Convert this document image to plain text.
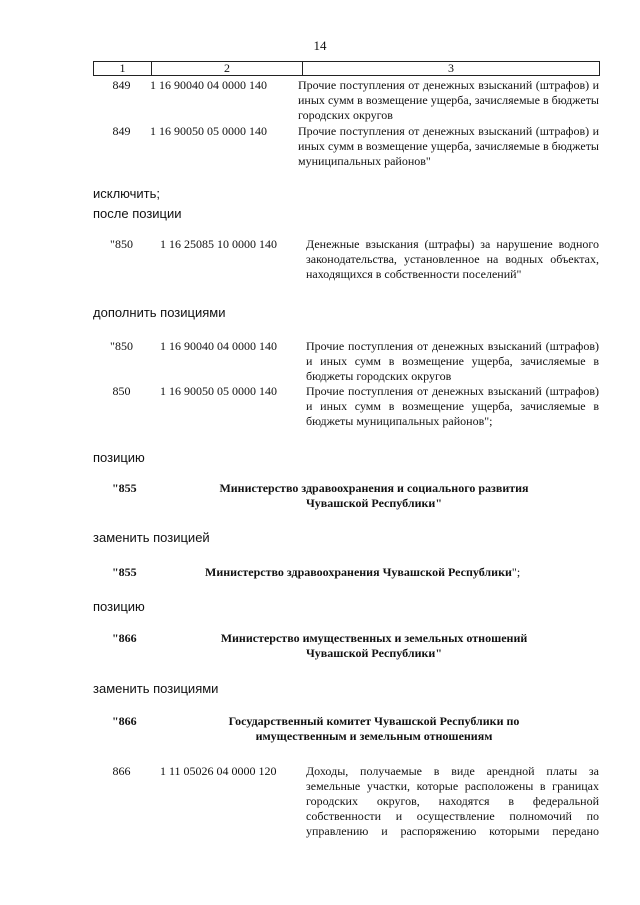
14
1	2	3
849	1 16 90040 04 0000 140	Прочие поступления от денежных взысканий (штрафов) и иных сумм в возмещение ущерба, зачисляемые в бюджеты городских округов
849	1 16 90050 05 0000 140	Прочие поступления от денежных взысканий (штрафов) и иных сумм в возмещение ущерба, зачисляемые в бюджеты муниципальных районов"
исключить;
после позиции
"850	1 16 25085 10 0000 140 Денежные взыскания (штрафы) за нарушение водного законодательства, установленное на водных объектах, находящихся в собственности поселений"
дополнить позициями
"850	1 16 90040 04 0000 140 Прочие поступления от денежных взысканий (штрафов) и иных сумм в возмещение ущерба, зачисляемые в бюджеты городских округов
850	1 16 90050 05 0000 140 Прочие поступления от денежных взысканий (штрафов) и иных сумм в возмещение ущерба, зачисляемые в бюджеты муниципальных районов";
позицию
"855	Министерство здравоохранения и социального развития
Чувашской Республики"
заменить позицией
"855	Министерство здравоохранения Чувашской Республики";
позицию
"866	Министерство имущественных и земельных отношений
Чувашской Республики"
заменить позициями
"866	Государственный комитет Чувашской Республики по
имущественным и земельным отношениям
866	1 11 05026 04 0000 120 Доходы, получаемые в виде арендной платы за земельные участки, которые расположены в границах городских округов, находятся в федеральной собственности и осуществление полномочий по управлению и распоряжению которыми передано
